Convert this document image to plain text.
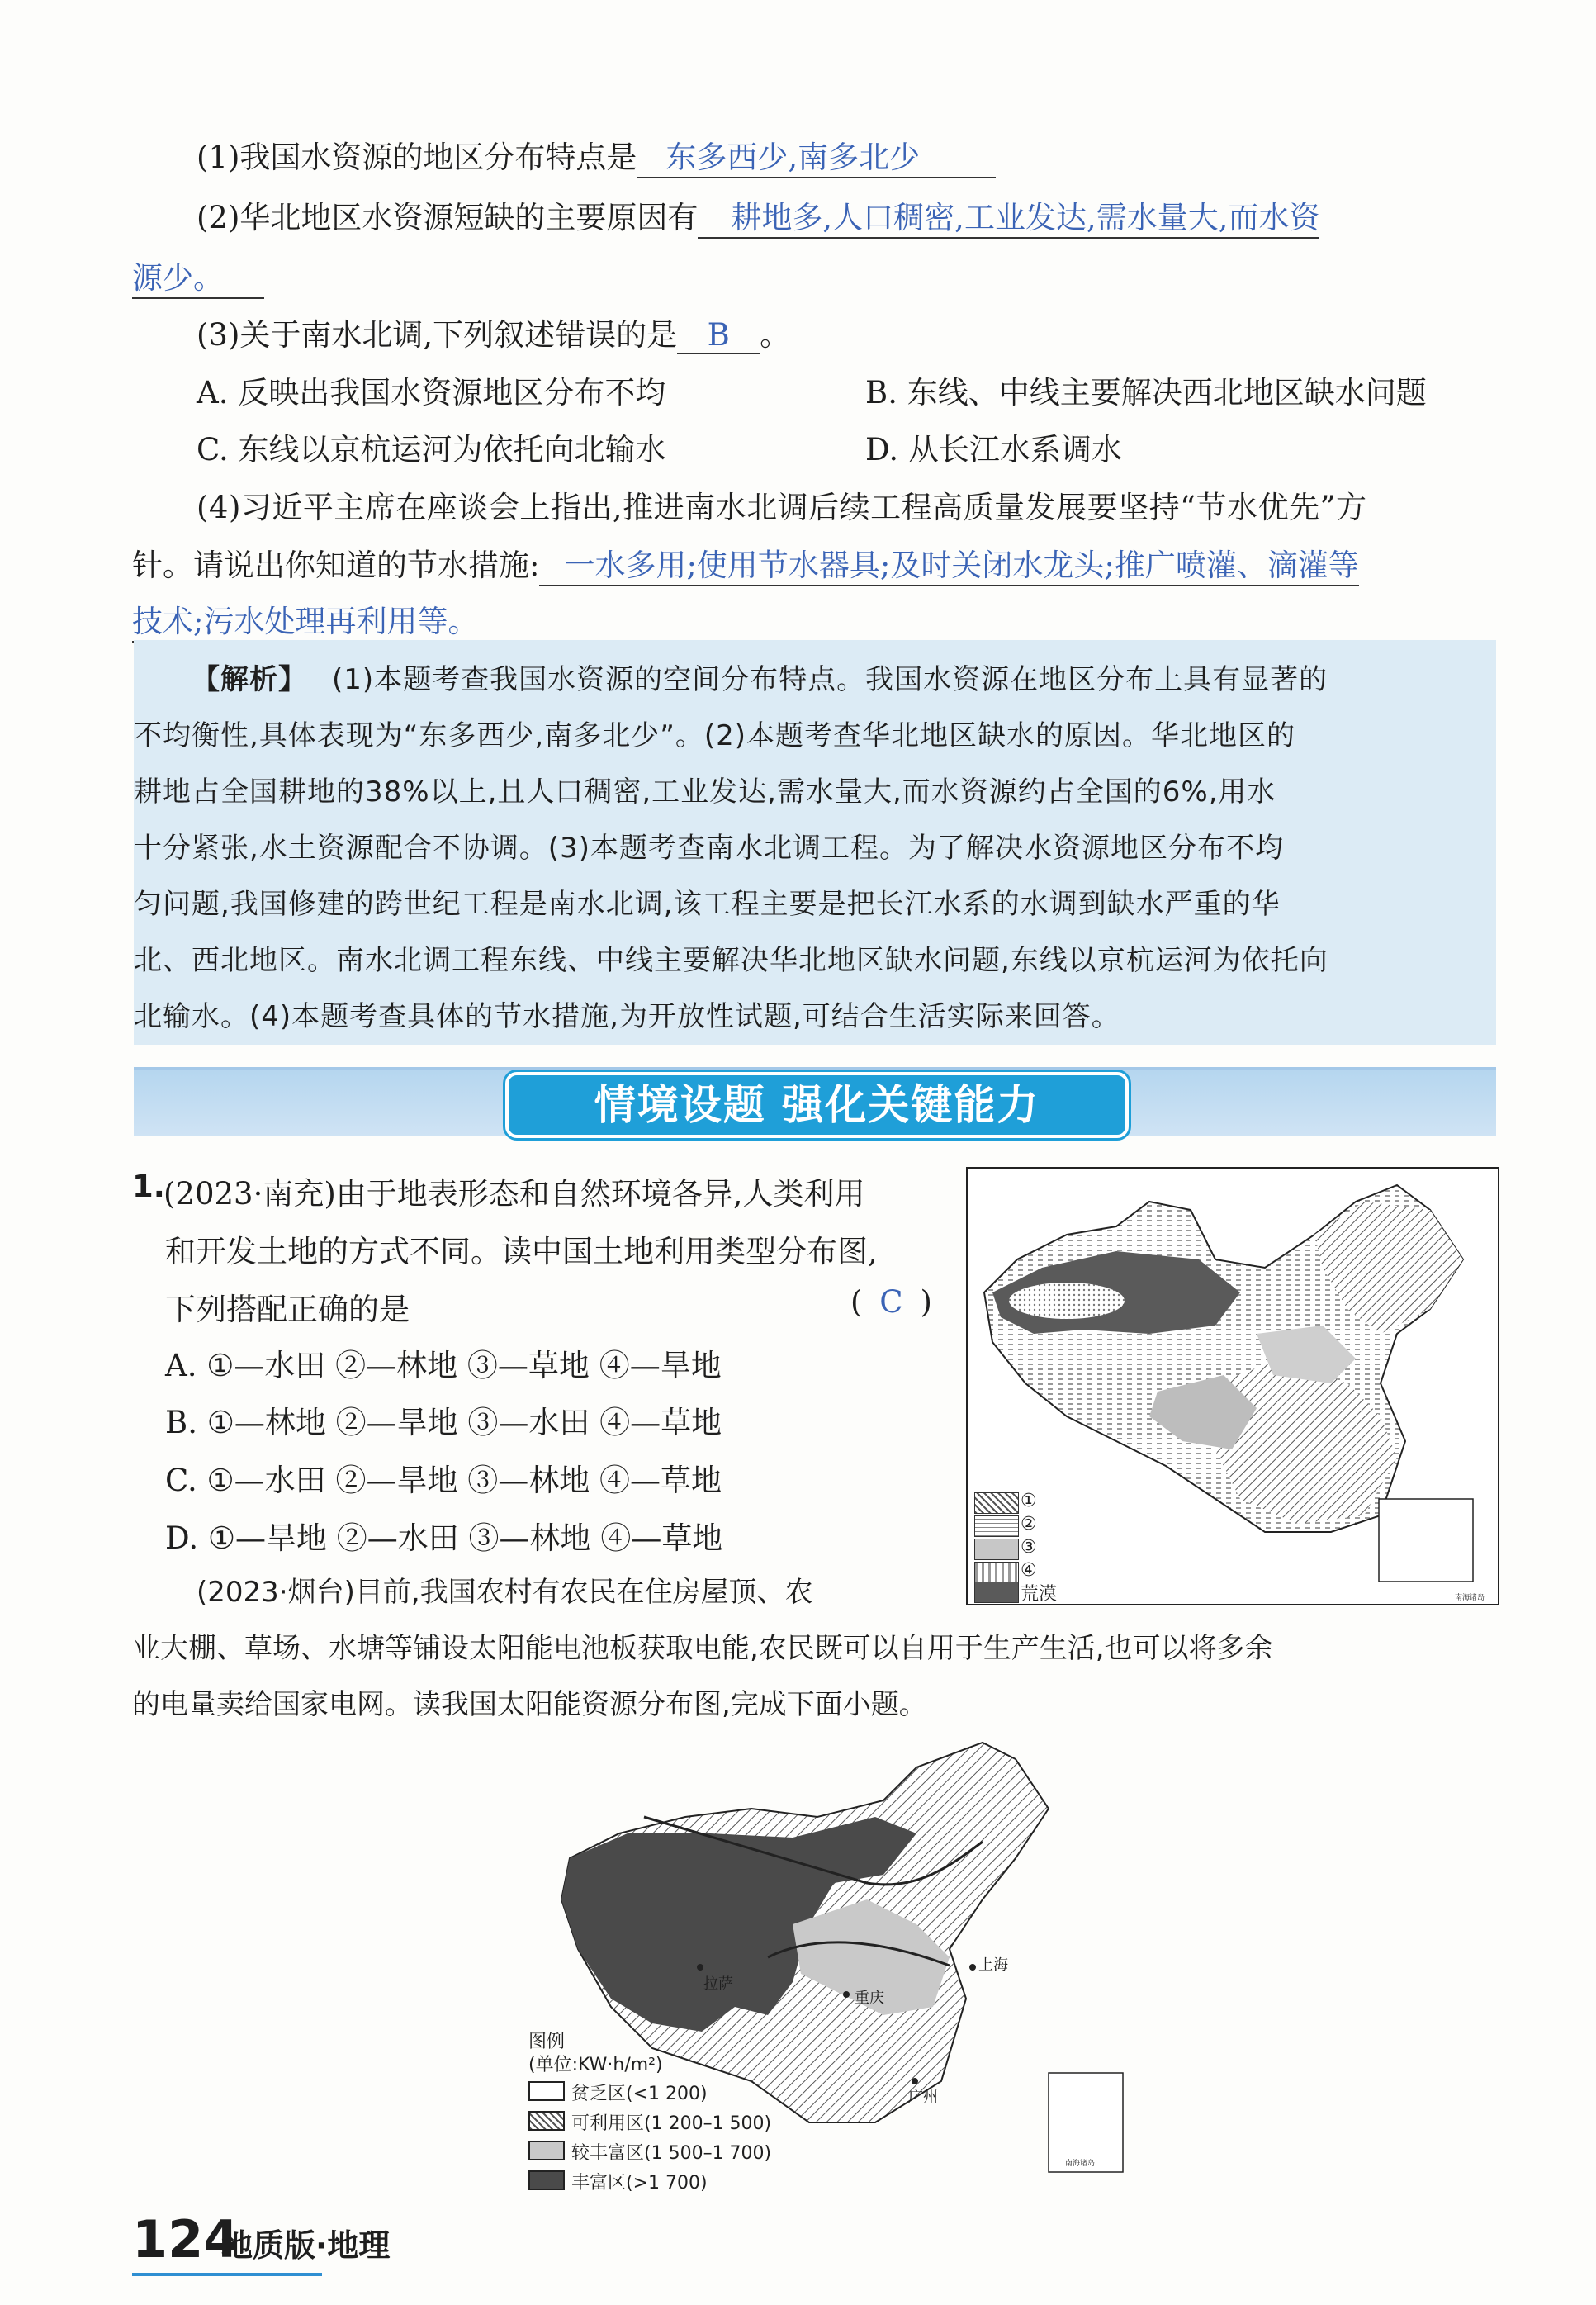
(1)我国水资源的地区分布特点是 东多西少,南多北少
(2)华北地区水资源短缺的主要原因有 耕地多,人口稠密,工业发达,需水量大,而水资
源少。
(3)关于南水北调,下列叙述错误的是 B 。
A. 反映出我国水资源地区分布不均	B. 东线、中线主要解决西北地区缺水问题
C. 东线以京杭运河为依托向北输水	D. 从长江水系调水
(4)习近平主席在座谈会上指出,推进南水北调后续工程高质量发展要坚持“节水优先”方
针。请说出你知道的节水措施: 一水多用;使用节水器具;及时关闭水龙头;推广喷灌、滴灌等
技术;污水处理再利用等。

【解析】 (1)本题考查我国水资源的空间分布特点。我国水资源在地区分布上具有显著的

不均衡性,具体表现为“东多西少,南多北少”。(2)本题考查华北地区缺水的原因。华北地区的

耕地占全国耕地的38%以上,且人口稠密,工业发达,需水量大,而水资源约占全国的6%,用水

十分紧张,水土资源配合不协调。(3)本题考查南水北调工程。为了解决水资源地区分布不均

匀问题,我国修建的跨世纪工程是南水北调,该工程主要是把长江水系的水调到缺水严重的华

北、西北地区。南水北调工程东线、中线主要解决华北地区缺水问题,东线以京杭运河为依托向

北输水。(4)本题考查具体的节水措施,为开放性试题,可结合生活实际来回答。

情境设题 强化关键能力
1.
(2023·南充)由于地表形态和自然环境各异,人类利用
和开发土地的方式不同。读中国土地利用类型分布图,
下列搭配正确的是	( C )
A. ①—水田 ②—林地 ③—草地 ④—旱地
B. ①—林地 ②—旱地 ③—水田 ④—草地
C. ①—水田 ②—旱地 ③—林地 ④—草地
D. ①—旱地 ②—水田 ③—林地 ④—草地
①
②
③
④
荒漠	南海诸岛
(2023·烟台)目前,我国农村有农民在住房屋顶、农
业大棚、草场、水塘等铺设太阳能电池板获取电能,农民既可以自用于生产生活,也可以将多余
的电量卖给国家电网。读我国太阳能资源分布图,完成下面小题。
拉萨
重庆
上海
广州
南海诸岛
图例
(单位:KW·h/m²)
贫乏区(<1 200)
可利用区(1 200–1 500)
较丰富区(1 500–1 700)
丰富区(>1 700)
124
地质版·地理
